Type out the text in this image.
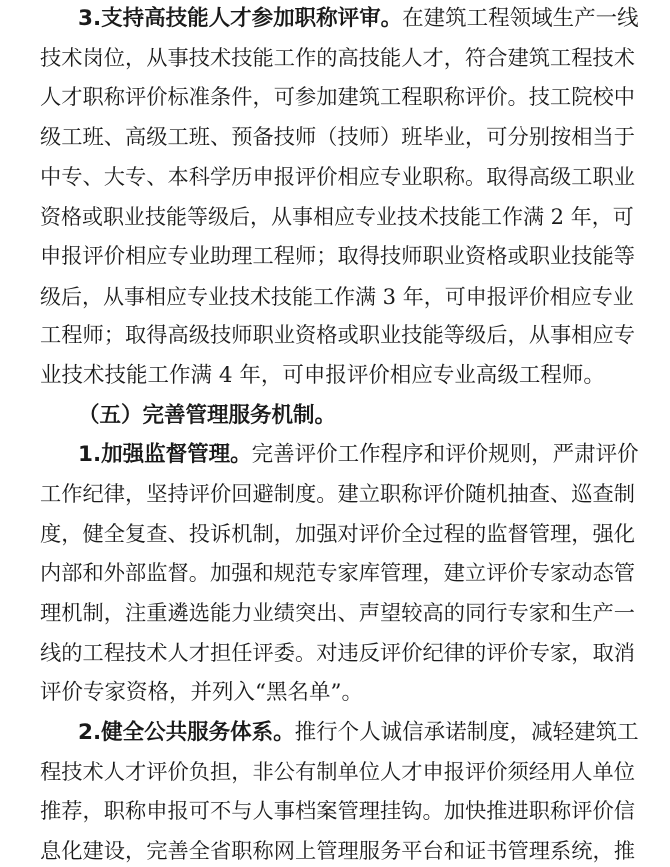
3.支持高技能人才参加职称评审。在建筑工程领域生产一线
技术岗位，从事技术技能工作的高技能人才，符合建筑工程技术
人才职称评价标准条件，可参加建筑工程职称评价。技工院校中
级工班、高级工班、预备技师（技师）班毕业，可分别按相当于
中专、大专、本科学历申报评价相应专业职称。取得高级工职业
资格或职业技能等级后，从事相应专业技术技能工作满 2 年，可
申报评价相应专业助理工程师；取得技师职业资格或职业技能等
级后，从事相应专业技术技能工作满 3 年，可申报评价相应专业
工程师；取得高级技师职业资格或职业技能等级后，从事相应专
业技术技能工作满 4 年，可申报评价相应专业高级工程师。
（五）完善管理服务机制。
1.加强监督管理。完善评价工作程序和评价规则，严肃评价
工作纪律，坚持评价回避制度。建立职称评价随机抽查、巡查制
度，健全复查、投诉机制，加强对评价全过程的监督管理，强化
内部和外部监督。加强和规范专家库管理，建立评价专家动态管
理机制，注重遴选能力业绩突出、声望较高的同行专家和生产一
线的工程技术人才担任评委。对违反评价纪律的评价专家，取消
评价专家资格，并列入“黑名单”。
2.健全公共服务体系。推行个人诚信承诺制度，减轻建筑工
程技术人才评价负担，非公有制单位人才申报评价须经用人单位
推荐，职称申报可不与人事档案管理挂钩。加快推进职称评价信
息化建设，完善全省职称网上管理服务平台和证书管理系统，推
